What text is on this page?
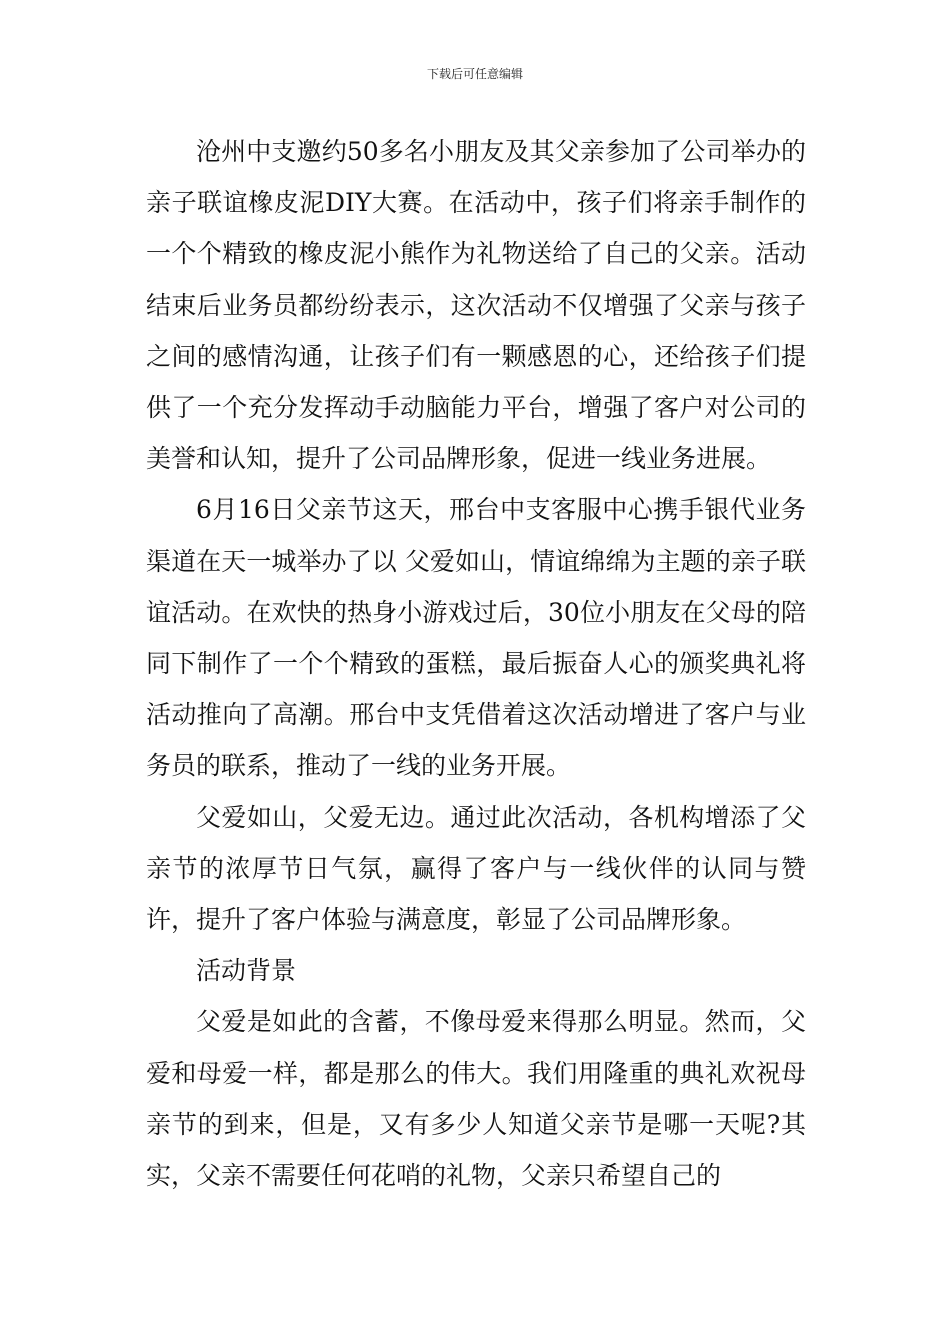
下载后可任意编辑

沧州中支邀约50多名小朋友及其父亲参加了公司举办的亲子联谊橡皮泥DIY大赛。在活动中，孩子们将亲手制作的一个个精致的橡皮泥小熊作为礼物送给了自己的父亲。活动结束后业务员都纷纷表示，这次活动不仅增强了父亲与孩子之间的感情沟通，让孩子们有一颗感恩的心，还给孩子们提供了一个充分发挥动手动脑能力平台，增强了客户对公司的美誉和认知，提升了公司品牌形象，促进一线业务进展。

6月16日父亲节这天，邢台中支客服中心携手银代业务渠道在天一城举办了以 父爱如山，情谊绵绵为主题的亲子联谊活动。在欢快的热身小游戏过后，30位小朋友在父母的陪同下制作了一个个精致的蛋糕，最后振奋人心的颁奖典礼将活动推向了高潮。邢台中支凭借着这次活动增进了客户与业务员的联系，推动了一线的业务开展。

父爱如山，父爱无边。通过此次活动，各机构增添了父亲节的浓厚节日气氛，赢得了客户与一线伙伴的认同与赞许，提升了客户体验与满意度，彰显了公司品牌形象。

活动背景

父爱是如此的含蓄，不像母爱来得那么明显。然而，父爱和母爱一样，都是那么的伟大。我们用隆重的典礼欢祝母亲节的到来，但是，又有多少人知道父亲节是哪一天呢?其实，父亲不需要任何花哨的礼物，父亲只希望自己的
